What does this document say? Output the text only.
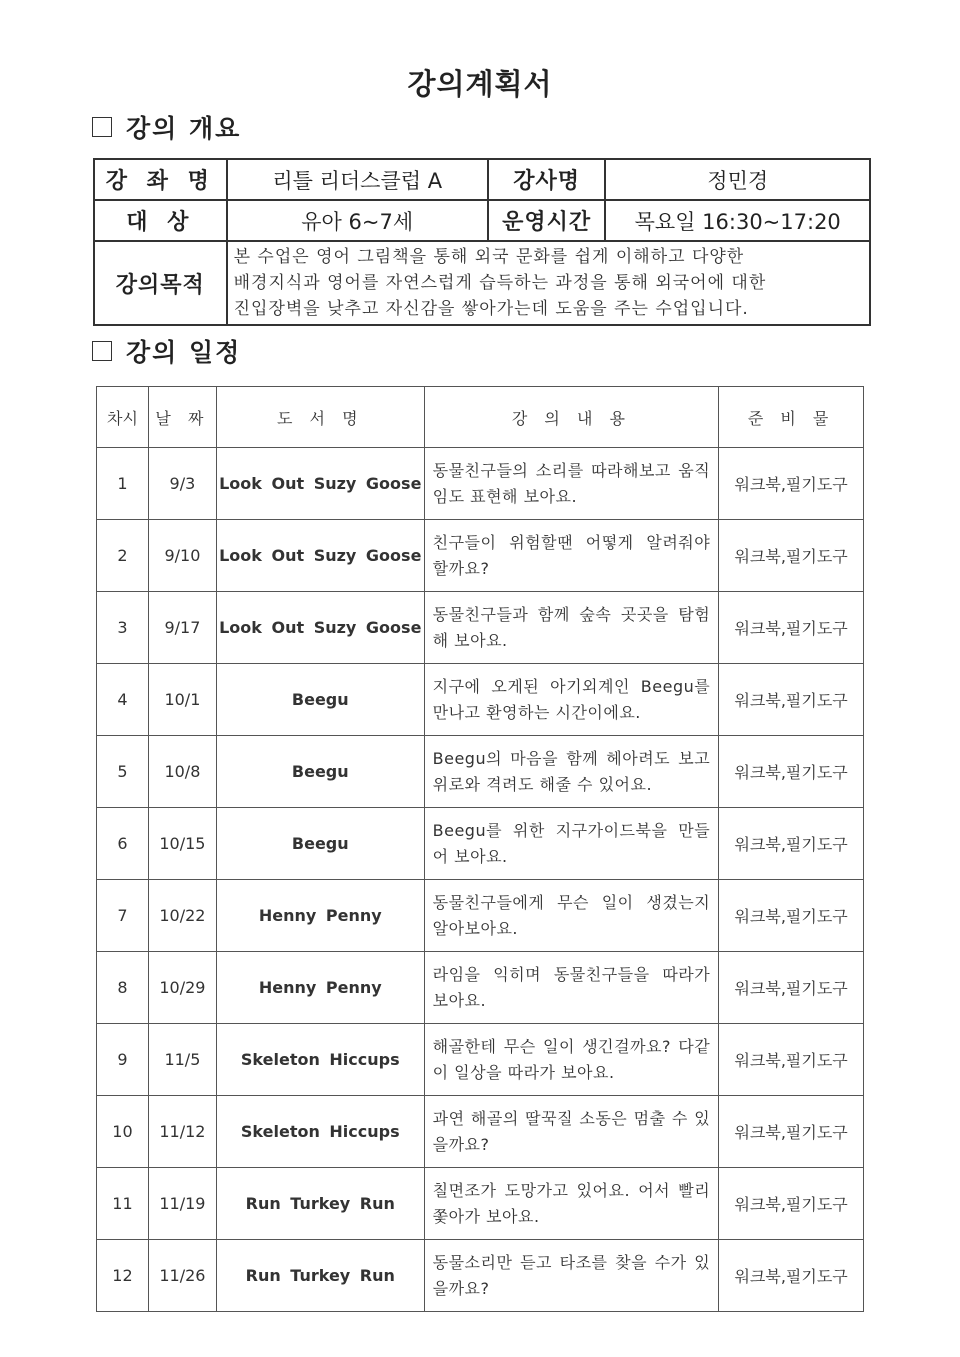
강의계획서
강의 개요
강 좌 명	리틀 리더스클럽 A	강사명	정민경
대 상	유아 6~7세	운영시간	목요일 16:30~17:20
강의목적	본 수업은 영어 그림책을 통해 외국 문화를 쉽게 이해하고 다양한
배경지식과 영어를 자연스럽게 습득하는 과정을 통해 외국어에 대한
진입장벽을 낮추고 자신감을 쌓아가는데 도움을 주는 수업입니다.		
강의 일정
차시	날 짜	도 서 명	강 의 내 용	준 비 물
1	9/3	Look Out Suzy Goose	동물친구들의 소리를 따라해보고 움직임도 표현해 보아요.	워크북,필기도구
2	9/10	Look Out Suzy Goose	친구들이 위험할땐 어떻게 알려줘야 할까요?	워크북,필기도구
3	9/17	Look Out Suzy Goose	동물친구들과 함께 숲속 곳곳을 탐험해 보아요.	워크북,필기도구
4	10/1	Beegu	지구에 오게된 아기외계인 Beegu를 만나고 환영하는 시간이에요.	워크북,필기도구
5	10/8	Beegu	Beegu의 마음을 함께 헤아려도 보고 위로와 격려도 해줄 수 있어요.	워크북,필기도구
6	10/15	Beegu	Beegu를 위한 지구가이드북을 만들어 보아요.	워크북,필기도구
7	10/22	Henny Penny	동물친구들에게 무슨 일이 생겼는지 알아보아요.	워크북,필기도구
8	10/29	Henny Penny	라임을 익히며 동물친구들을 따라가 보아요.	워크북,필기도구
9	11/5	Skeleton Hiccups	해골한테 무슨 일이 생긴걸까요? 다같이 일상을 따라가 보아요.	워크북,필기도구
10	11/12	Skeleton Hiccups	과연 해골의 딸꾹질 소동은 멈출 수 있을까요?	워크북,필기도구
11	11/19	Run Turkey Run	칠면조가 도망가고 있어요. 어서 빨리 쫓아가 보아요.	워크북,필기도구
12	11/26	Run Turkey Run	동물소리만 듣고 타조를 찾을 수가 있을까요?	워크북,필기도구
